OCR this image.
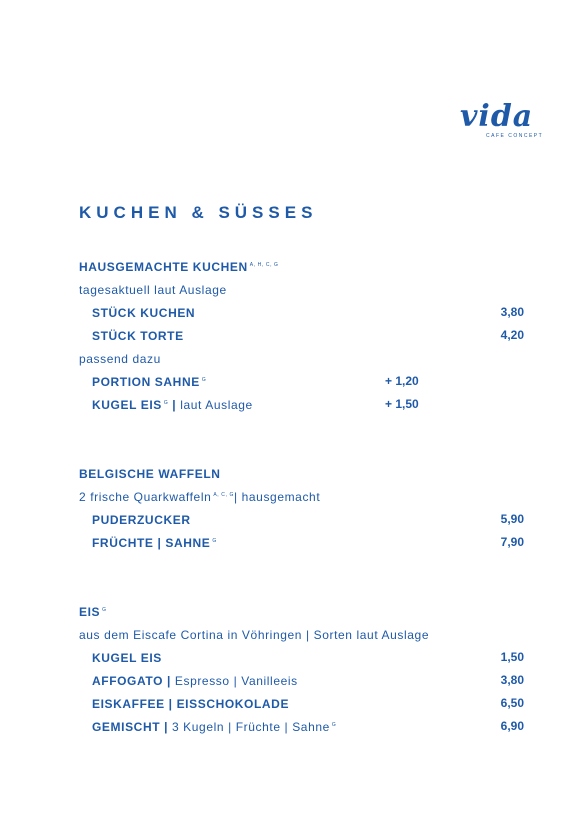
vida
CAFE CONCEPT
KUCHEN & SÜSSES
HAUSGEMACHTE KUCHEN $^{A, H, C, G}$
tagesaktuell laut Auslage
STÜCK KUCHEN	3,80
STÜCK TORTE	4,20
passend dazu
PORTION SAHNE $^G$	+ 1,20
KUGEL EIS $^G$ | laut Auslage	+ 1,50
BELGISCHE WAFFELN
2 frische Quarkwaffeln $^{A, C, G}$| hausgemacht
PUDERZUCKER	5,90
FRÜCHTE | SAHNE $^G$	7,90
EIS $^G$
aus dem Eiscafe Cortina in Vöhringen | Sorten laut Auslage
KUGEL EIS	1,50
AFFOGATO | Espresso | Vanilleeis	3,80
EISKAFFEE | EISSCHOKOLADE	6,50
GEMISCHT | 3 Kugeln | Früchte | Sahne $^G$	6,90
